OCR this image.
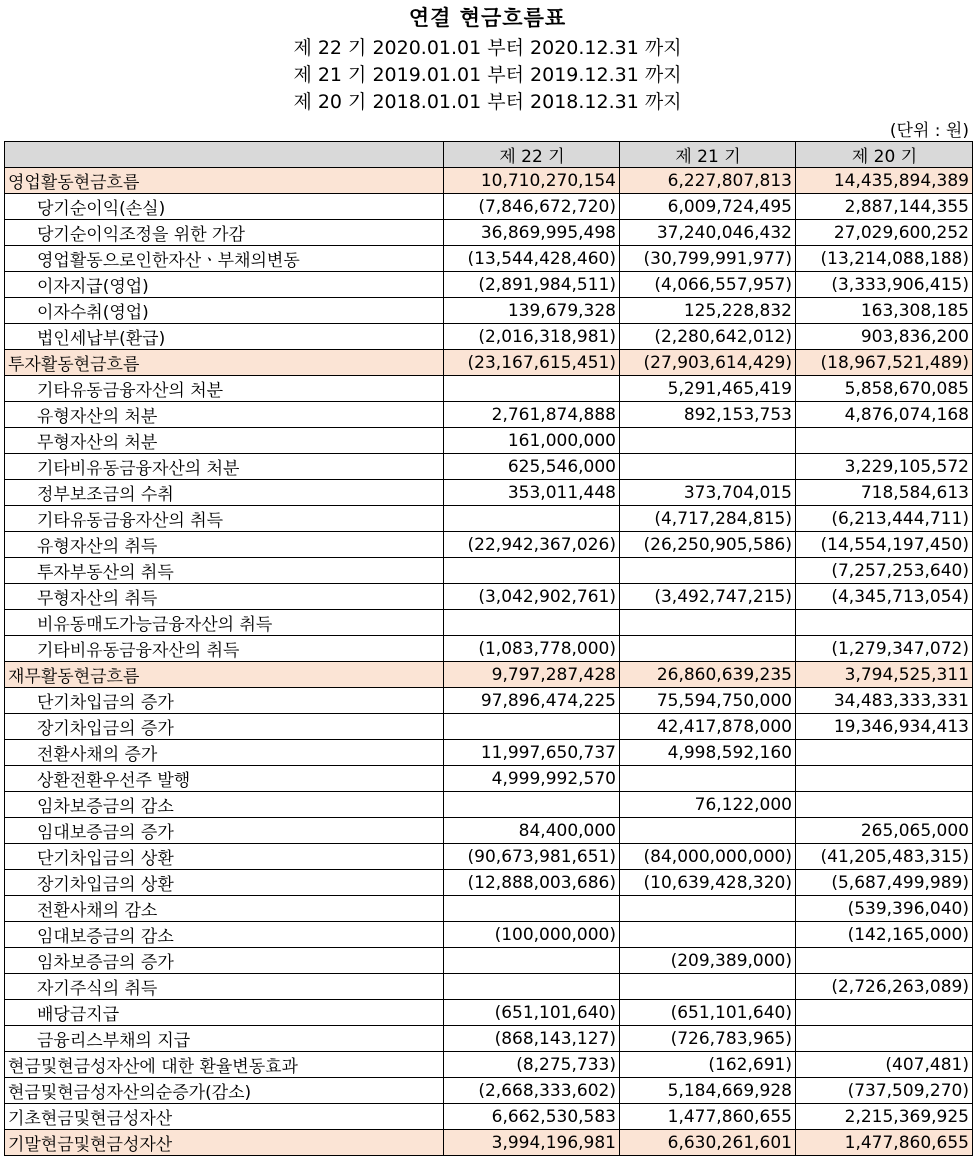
연결 현금흐름표
제 22 기 2020.01.01 부터 2020.12.31 까지
제 21 기 2019.01.01 부터 2019.12.31 까지
제 20 기 2018.01.01 부터 2018.12.31 까지
(단위 : 원)
	제 22 기	제 21 기	제 20 기
영업활동현금흐름	10,710,270,154	6,227,807,813	14,435,894,389
당기순이익(손실)	(7,846,672,720)	6,009,724,495	2,887,144,355
당기순이익조정을 위한 가감	36,869,995,498	37,240,046,432	27,029,600,252
영업활동으로인한자산ㆍ부채의변동	(13,544,428,460)	(30,799,991,977)	(13,214,088,188)
이자지급(영업)	(2,891,984,511)	(4,066,557,957)	(3,333,906,415)
이자수취(영업)	139,679,328	125,228,832	163,308,185
법인세납부(환급)	(2,016,318,981)	(2,280,642,012)	903,836,200
투자활동현금흐름	(23,167,615,451)	(27,903,614,429)	(18,967,521,489)
기타유동금융자산의 처분		5,291,465,419	5,858,670,085
유형자산의 처분	2,761,874,888	892,153,753	4,876,074,168
무형자산의 처분	161,000,000		
기타비유동금융자산의 처분	625,546,000		3,229,105,572
정부보조금의 수취	353,011,448	373,704,015	718,584,613
기타유동금융자산의 취득		(4,717,284,815)	(6,213,444,711)
유형자산의 취득	(22,942,367,026)	(26,250,905,586)	(14,554,197,450)
투자부동산의 취득			(7,257,253,640)
무형자산의 취득	(3,042,902,761)	(3,492,747,215)	(4,345,713,054)
비유동매도가능금융자산의 취득			
기타비유동금융자산의 취득	(1,083,778,000)		(1,279,347,072)
재무활동현금흐름	9,797,287,428	26,860,639,235	3,794,525,311
단기차입금의 증가	97,896,474,225	75,594,750,000	34,483,333,331
장기차입금의 증가		42,417,878,000	19,346,934,413
전환사채의 증가	11,997,650,737	4,998,592,160	
상환전환우선주 발행	4,999,992,570		
임차보증금의 감소		76,122,000	
임대보증금의 증가	84,400,000		265,065,000
단기차입금의 상환	(90,673,981,651)	(84,000,000,000)	(41,205,483,315)
장기차입금의 상환	(12,888,003,686)	(10,639,428,320)	(5,687,499,989)
전환사채의 감소			(539,396,040)
임대보증금의 감소	(100,000,000)		(142,165,000)
임차보증금의 증가		(209,389,000)	
자기주식의 취득			(2,726,263,089)
배당금지급	(651,101,640)	(651,101,640)	
금융리스부채의 지급	(868,143,127)	(726,783,965)	
현금및현금성자산에 대한 환율변동효과	(8,275,733)	(162,691)	(407,481)
현금및현금성자산의순증가(감소)	(2,668,333,602)	5,184,669,928	(737,509,270)
기초현금및현금성자산	6,662,530,583	1,477,860,655	2,215,369,925
기말현금및현금성자산	3,994,196,981	6,630,261,601	1,477,860,655
